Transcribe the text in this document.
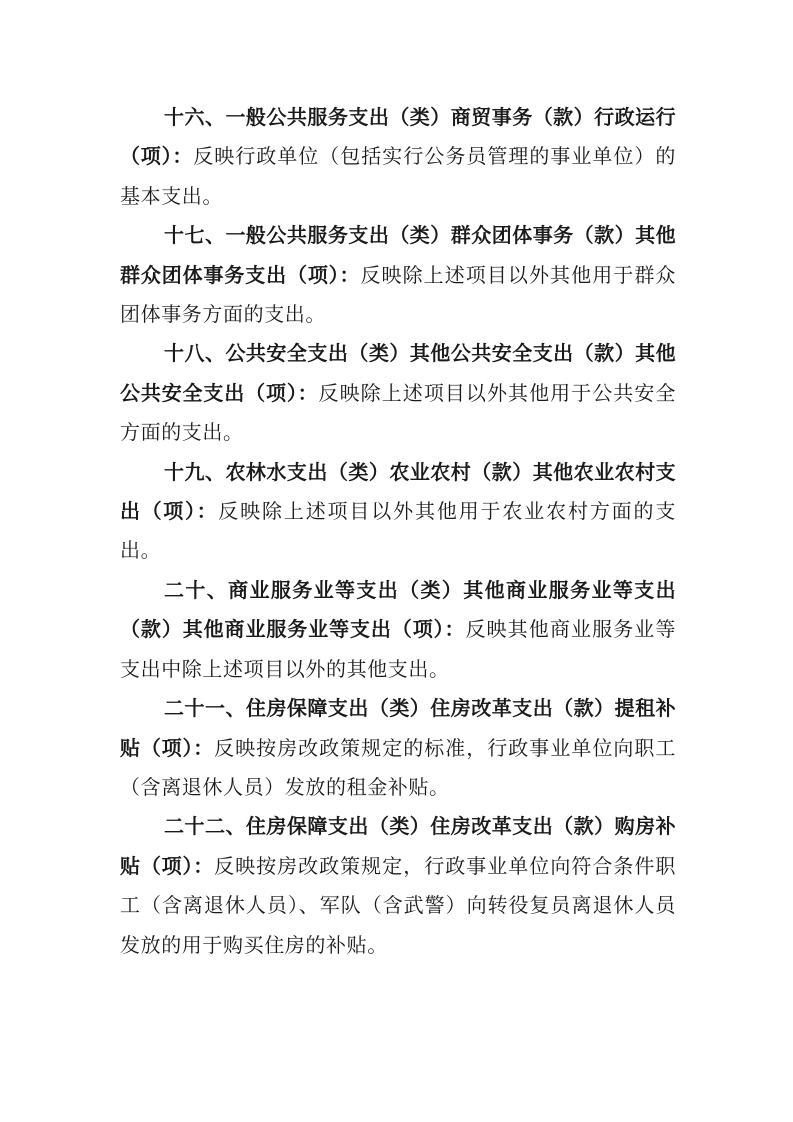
十六、一般公共服务支出（类）商贸事务（款）行政运行（项）：反映行政单位（包括实行公务员管理的事业单位）的基本支出。

十七、一般公共服务支出（类）群众团体事务（款）其他群众团体事务支出（项）：反映除上述项目以外其他用于群众团体事务方面的支出。

十八、公共安全支出（类）其他公共安全支出（款）其他公共安全支出（项）：反映除上述项目以外其他用于公共安全方面的支出。

十九、农林水支出（类）农业农村（款）其他农业农村支出（项）：反映除上述项目以外其他用于农业农村方面的支出。

二十、商业服务业等支出（类）其他商业服务业等支出（款）其他商业服务业等支出（项）：反映其他商业服务业等支出中除上述项目以外的其他支出。

二十一、住房保障支出（类）住房改革支出（款）提租补贴（项）：反映按房改政策规定的标准，行政事业单位向职工（含离退休人员）发放的租金补贴。

二十二、住房保障支出（类）住房改革支出（款）购房补贴（项）：反映按房改政策规定，行政事业单位向符合条件职工（含离退休人员）、军队（含武警）向转役复员离退休人员发放的用于购买住房的补贴。
